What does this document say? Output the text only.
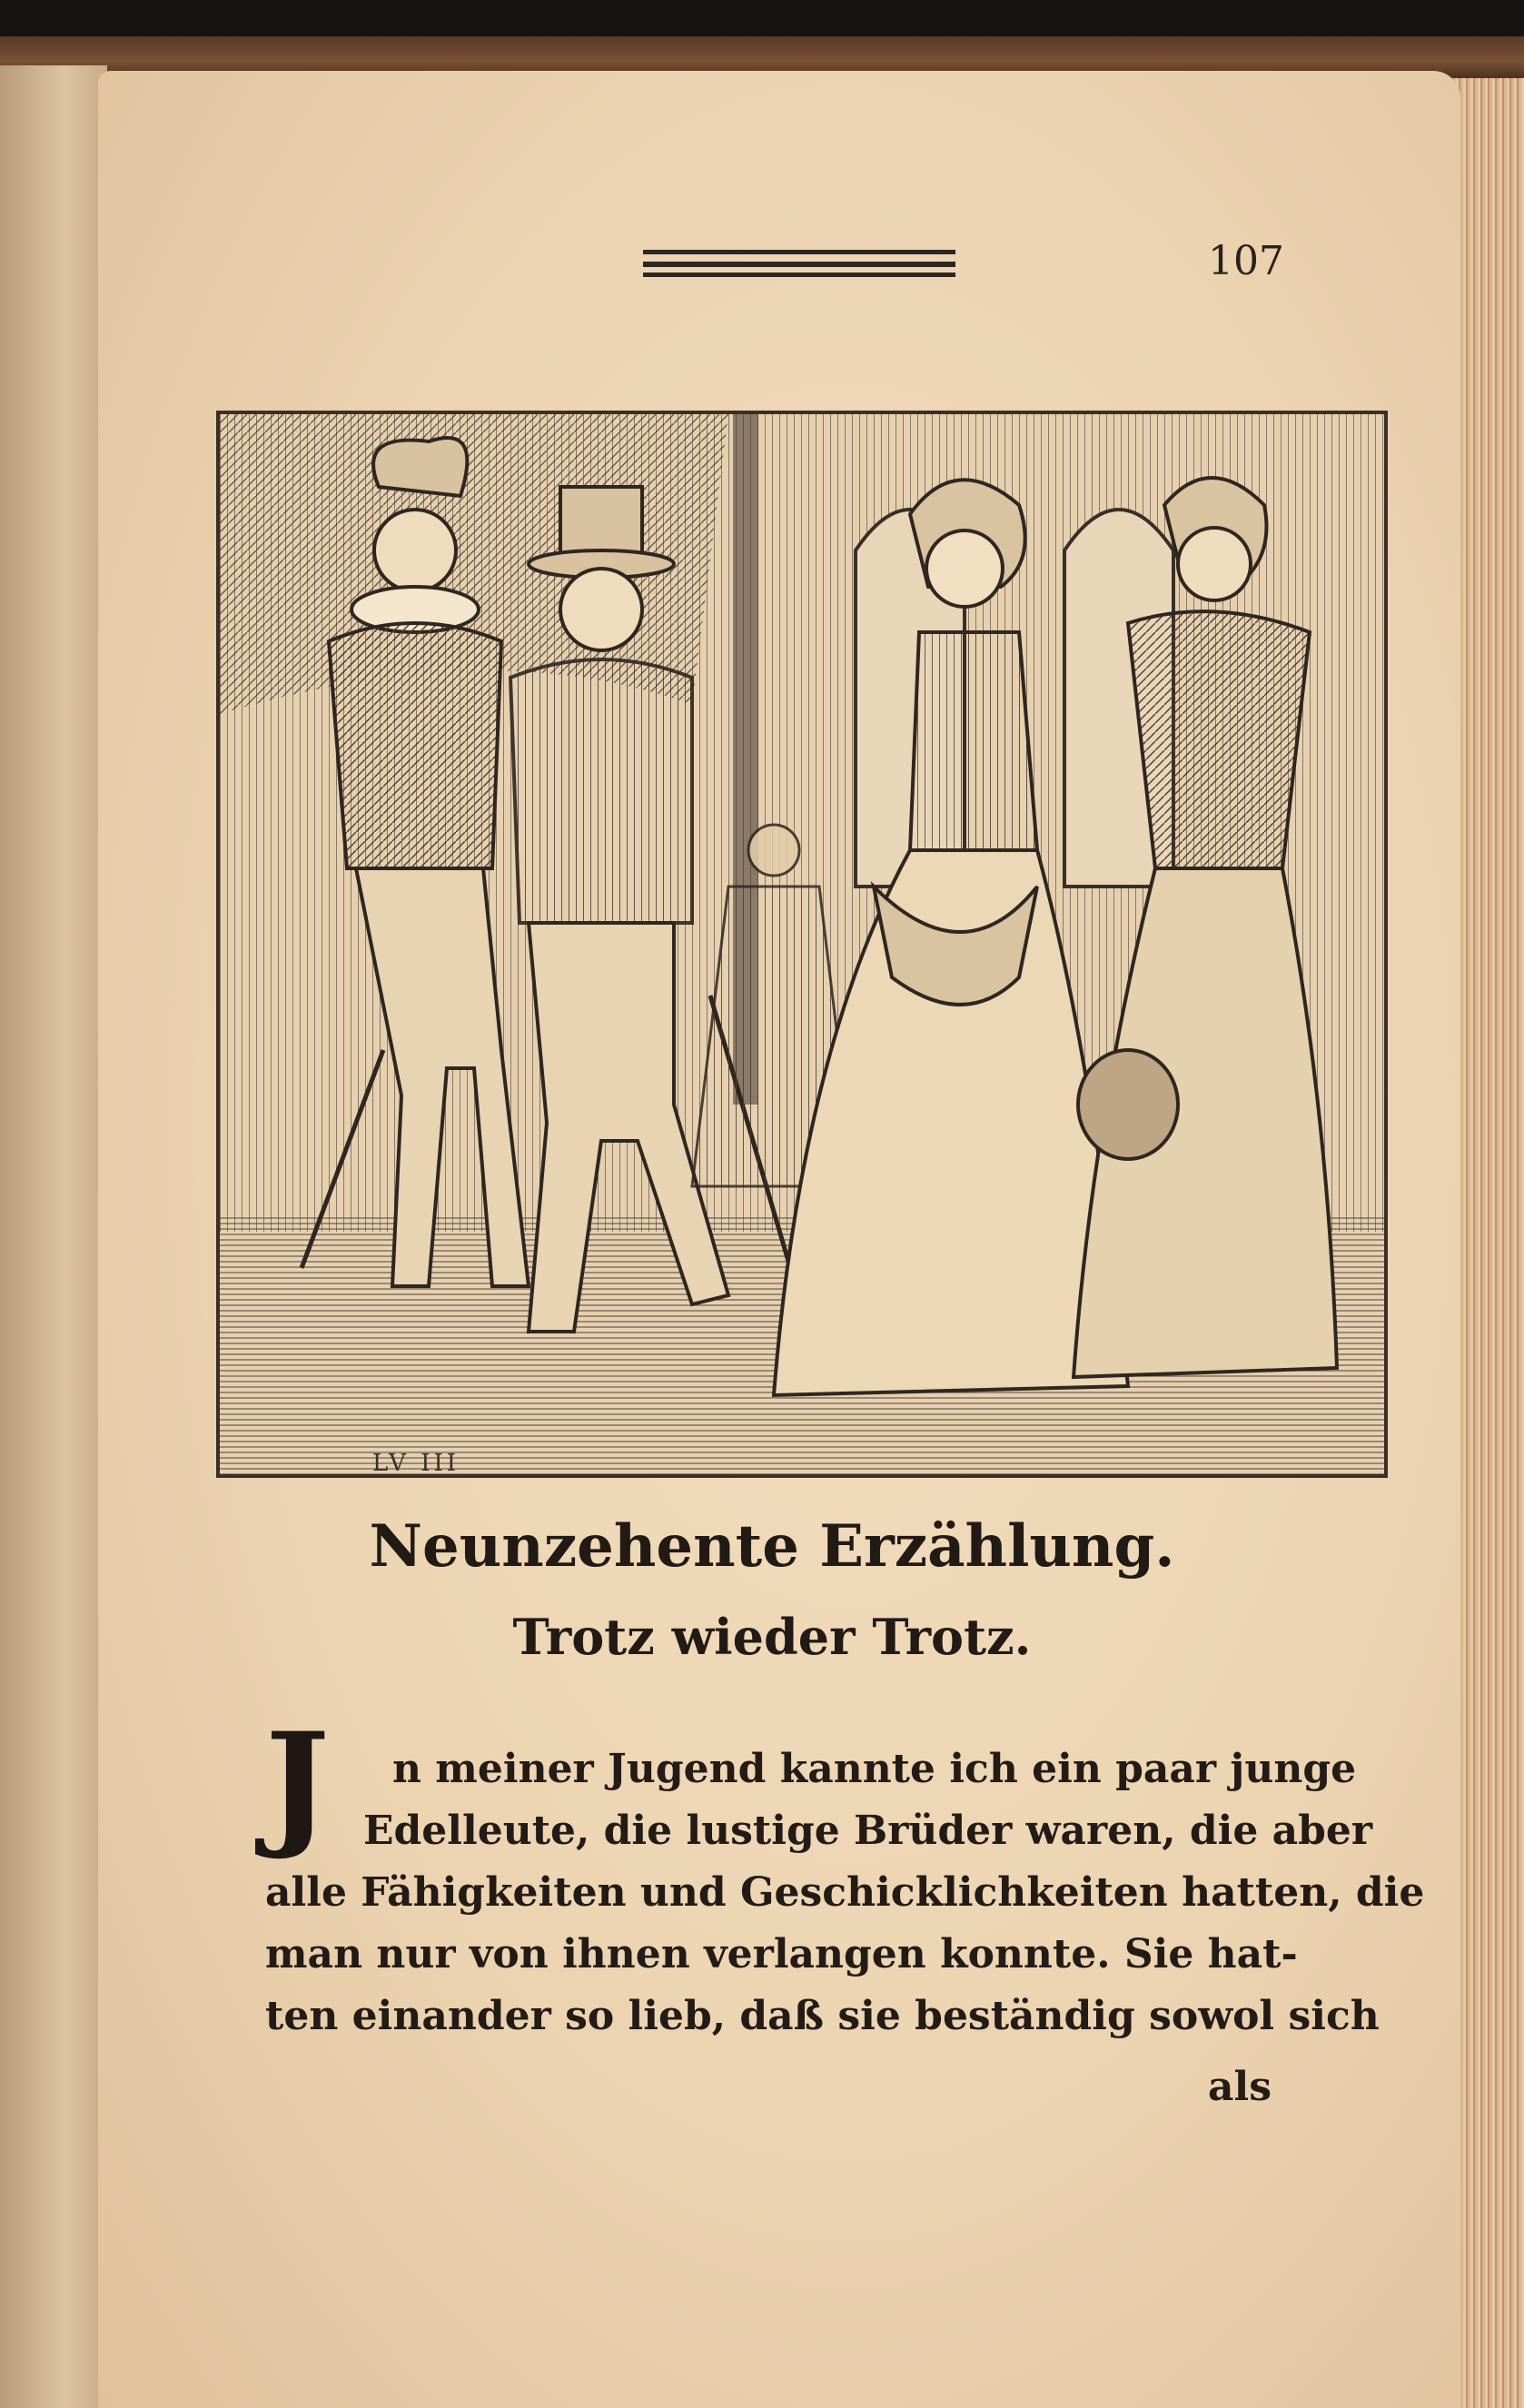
107
LV III
Neunzehente Erzählung.
Trotz wieder Trotz.
J	n meiner Jugend kannte ich ein paar junge
Edelleute, die lustige Brüder waren, die aber
alle Fähigkeiten und Geschicklichkeiten hatten, die
man nur von ihnen verlangen konnte. Sie hat-
ten einander so lieb, daß sie beständig sowol sich
als
